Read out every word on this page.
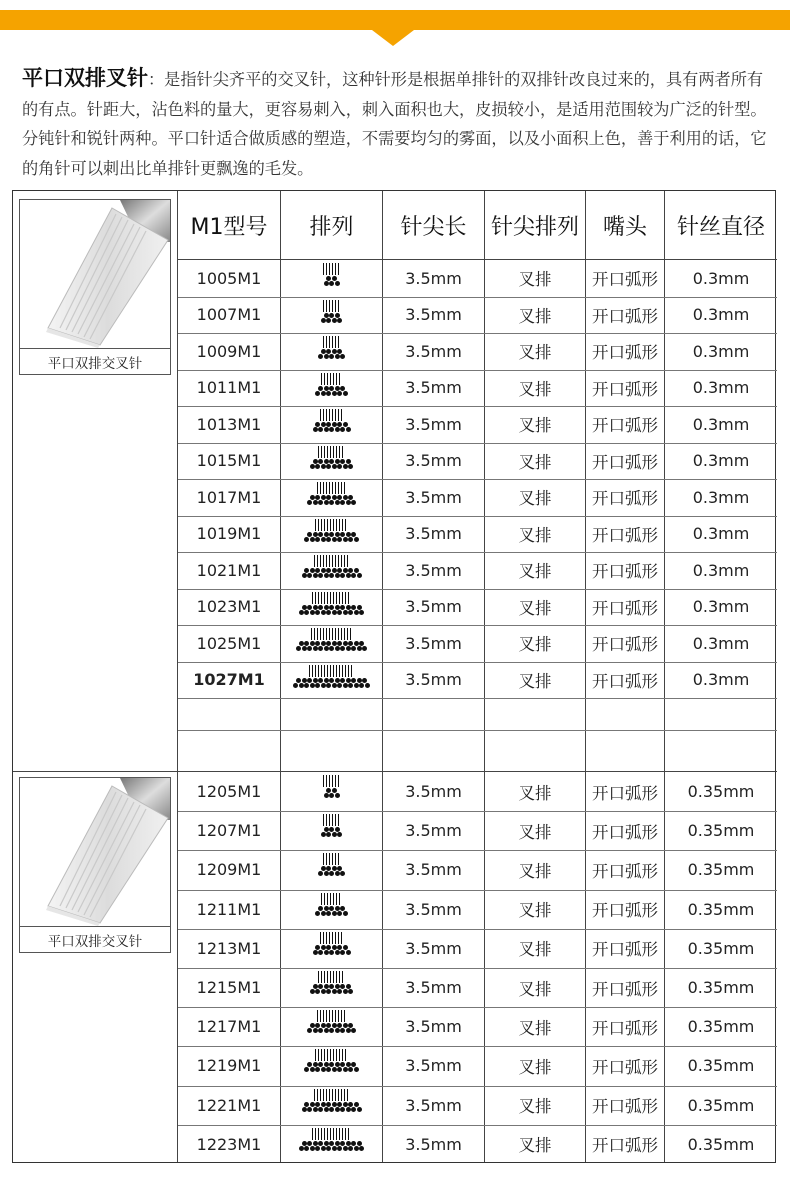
平口双排叉针：是指针尖齐平的交叉针，这种针形是根据单排针的双排针改良过来的，具有两者所有的有点。针距大，沾色料的量大，更容易刺入，刺入面积也大，皮损较小，是适用范围较为广泛的针型。分钝针和锐针两种。平口针适合做质感的塑造，不需要均匀的雾面，以及小面积上色，善于利用的话，它的角针可以刺出比单排针更飘逸的毛发。
M1型号	排列	针尖长	针尖排列	嘴头	针丝直径
平口双排交叉针
平口双排交叉针
1005M1	3.5mm	叉排	开口弧形	0.3mm
1007M1	3.5mm	叉排	开口弧形	0.3mm
1009M1	3.5mm	叉排	开口弧形	0.3mm
1011M1	3.5mm	叉排	开口弧形	0.3mm
1013M1	3.5mm	叉排	开口弧形	0.3mm
1015M1	3.5mm	叉排	开口弧形	0.3mm
1017M1	3.5mm	叉排	开口弧形	0.3mm
1019M1	3.5mm	叉排	开口弧形	0.3mm
1021M1	3.5mm	叉排	开口弧形	0.3mm
1023M1	3.5mm	叉排	开口弧形	0.3mm
1025M1	3.5mm	叉排	开口弧形	0.3mm
1027M1	3.5mm	叉排	开口弧形	0.3mm
1205M1	3.5mm	叉排	开口弧形	0.35mm
1207M1	3.5mm	叉排	开口弧形	0.35mm
1209M1	3.5mm	叉排	开口弧形	0.35mm
1211M1	3.5mm	叉排	开口弧形	0.35mm
1213M1	3.5mm	叉排	开口弧形	0.35mm
1215M1	3.5mm	叉排	开口弧形	0.35mm
1217M1	3.5mm	叉排	开口弧形	0.35mm
1219M1	3.5mm	叉排	开口弧形	0.35mm
1221M1	3.5mm	叉排	开口弧形	0.35mm
1223M1	3.5mm	叉排	开口弧形	0.35mm
